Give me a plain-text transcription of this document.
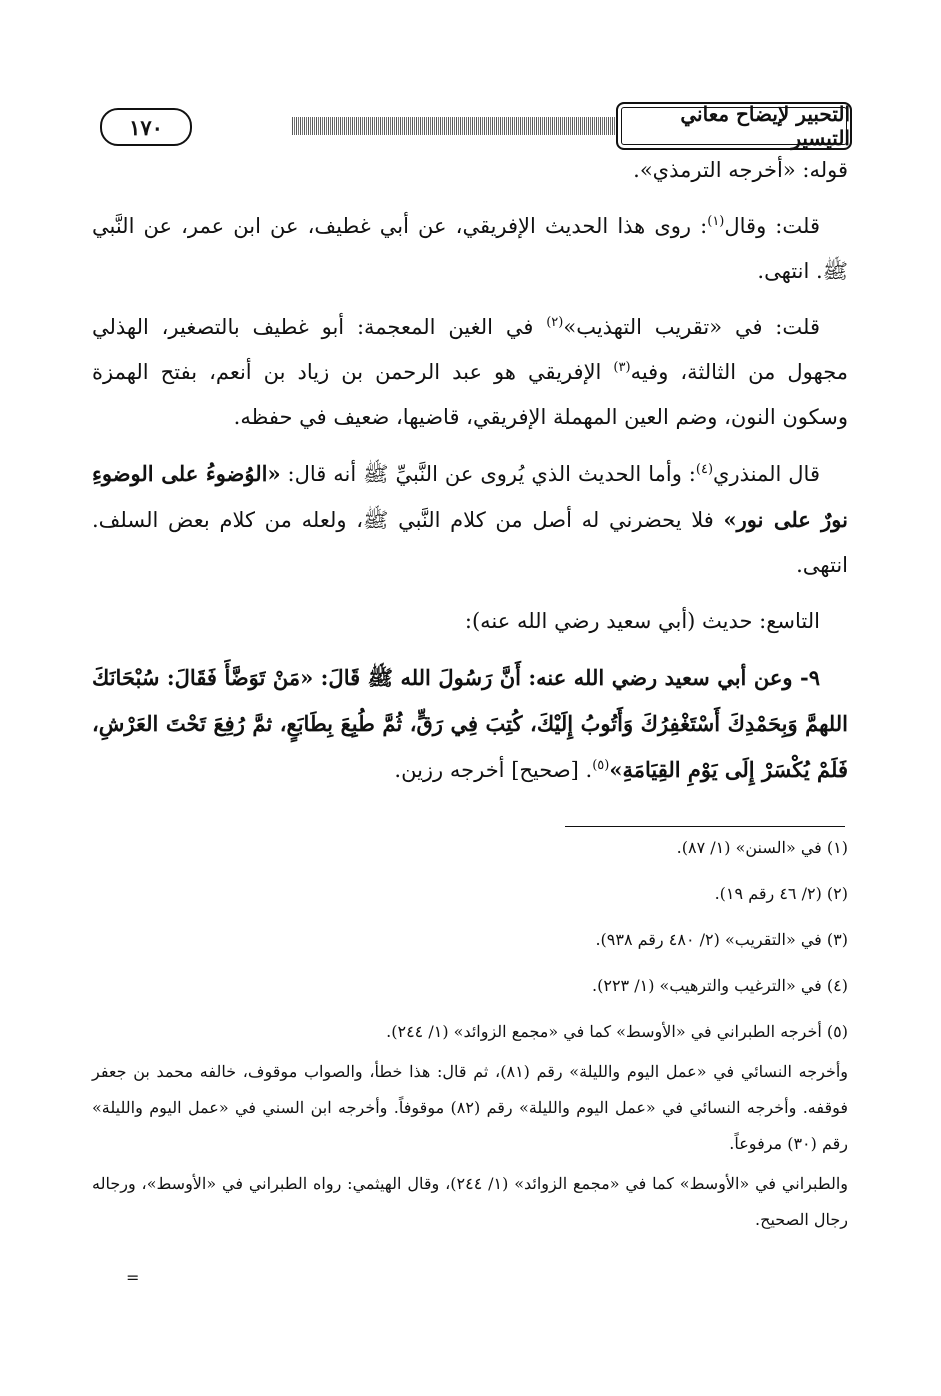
١٧٠
التحبير لإيضاح معاني التيسير

قوله: «أخرجه الترمذي».

قلت: وقال$^{(١)}$: روى هذا الحديث الإفريقي، عن أبي غطيف، عن ابن عمر، عن النَّبي ﷺ. انتهى.

قلت: في «تقريب التهذيب»$^{(٢)}$ في الغين المعجمة: أبو غطيف بالتصغير، الهذلي مجهول من الثالثة، وفيه$^{(٣)}$ الإفريقي هو عبد الرحمن بن زياد بن أنعم، بفتح الهمزة وسكون النون، وضم العين المهملة الإفريقي، قاضيها، ضعيف في حفظه.

قال المنذري$^{(٤)}$: وأما الحديث الذي يُروى عن النَّبيِّ ﷺ أنه قال: «الوُضوءُ على الوضوءِ نورٌ على نور» فلا يحضرني له أصل من كلام النَّبي ﷺ، ولعله من كلام بعض السلف. انتهى.

التاسع: حديث (أبي سعيد رضي الله عنه):

٩- وعن أبي سعيد رضي الله عنه: أَنَّ رَسُولَ الله ﷺ قَالَ: «مَنْ تَوَضَّأَ فَقَالَ: سُبْحَانَكَ اللهمَّ وَبِحَمْدِكَ أَسْتَغْفِرُكَ وَأَتُوبُ إِلَيْكَ، كُتِبَ فِي رَقٍّ، ثُمَّ طُبِعَ بِطَابَعٍ، ثمَّ رُفِعَ تَحْتَ العَرْشِ، فَلَمْ يُكْسَرْ إِلَى يَوْمِ القِيَامَةِ»$^{(٥)}$. [صحيح] أخرجه رزين.

(١) في «السنن» (١/ ٨٧).

(٢) (٢/ ٤٦ رقم ١٩).

(٣) في «التقريب» (٢/ ٤٨٠ رقم ٩٣٨).

(٤) في «الترغيب والترهيب» (١/ ٢٢٣).

(٥) أخرجه الطبراني في «الأوسط» كما في «مجمع الزوائد» (١/ ٢٤٤).

وأخرجه النسائي في «عمل اليوم والليلة» رقم (٨١)، ثم قال: هذا خطأ، والصواب موقوف، خالفه محمد بن جعفر فوقفه. وأخرجه النسائي في «عمل اليوم والليلة» رقم (٨٢) موقوفاً. وأخرجه ابن السني في «عمل اليوم والليلة» رقم (٣٠) مرفوعاً.

والطبراني في «الأوسط» كما في «مجمع الزوائد» (١/ ٢٤٤)، وقال الهيثمي: رواه الطبراني في «الأوسط»، ورجاله رجال الصحيح.

=
